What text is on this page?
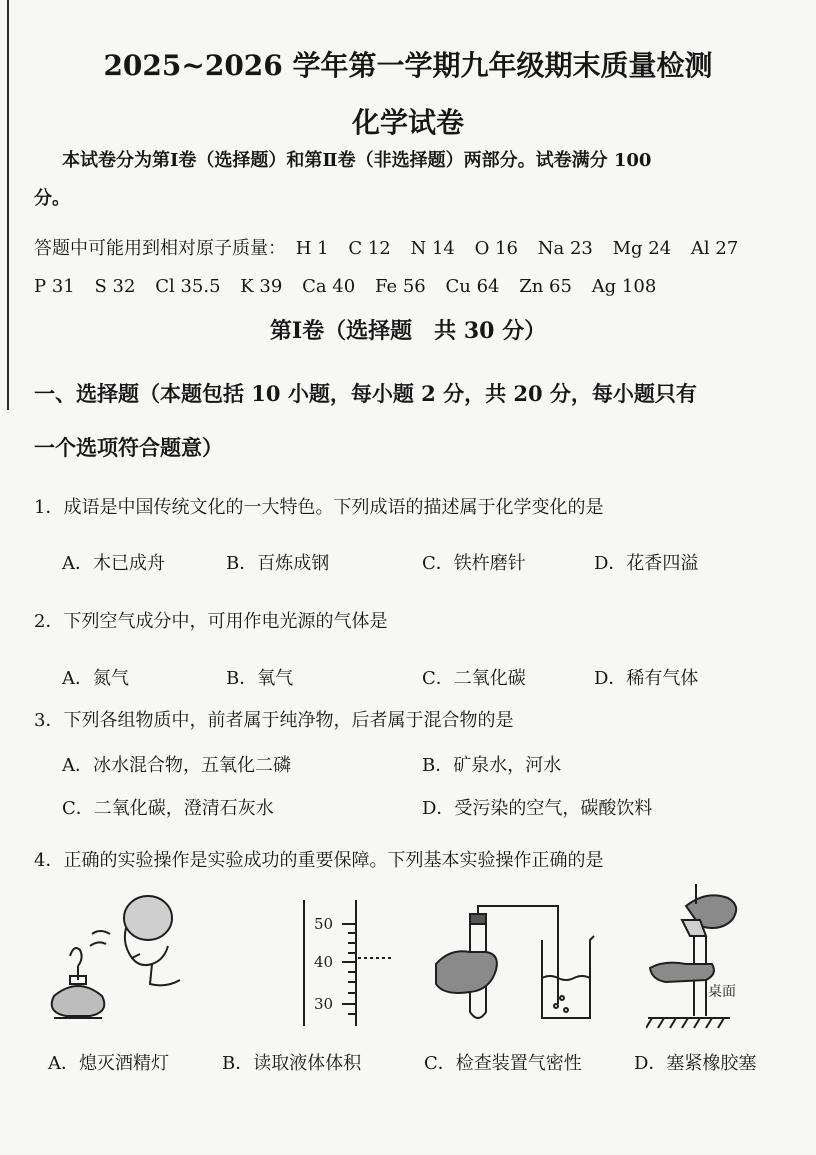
2025~2026 学年第一学期九年级期末质量检测
化学试卷
本试卷分为第Ⅰ卷（选择题）和第Ⅱ卷（非选择题）两部分。试卷满分 100
分。
答题中可能用到相对原子质量： H 1 C 12 N 14 O 16 Na 23 Mg 24 Al 27
P 31 S 32 Cl 35.5 K 39 Ca 40 Fe 56 Cu 64 Zn 65 Ag 108
第Ⅰ卷（选择题　共 30 分）
一、选择题（本题包括 10 小题，每小题 2 分，共 20 分，每小题只有
一个选项符合题意）
1．成语是中国传统文化的一大特色。下列成语的描述属于化学变化的是
A．木已成舟	B．百炼成钢	C．铁杵磨针	D．花香四溢
2．下列空气成分中，可用作电光源的气体是
A．氮气	B．氧气	C．二氧化碳	D．稀有气体
3．下列各组物质中，前者属于纯净物，后者属于混合物的是
A．冰水混合物，五氧化二磷	B．矿泉水，河水
C．二氧化碳，澄清石灰水	D．受污染的空气，碳酸饮料
4．正确的实验操作是实验成功的重要保障。下列基本实验操作正确的是
50
40
30
桌面
A．熄灭酒精灯	B．读取液体体积	C．检查装置气密性	D．塞紧橡胶塞
